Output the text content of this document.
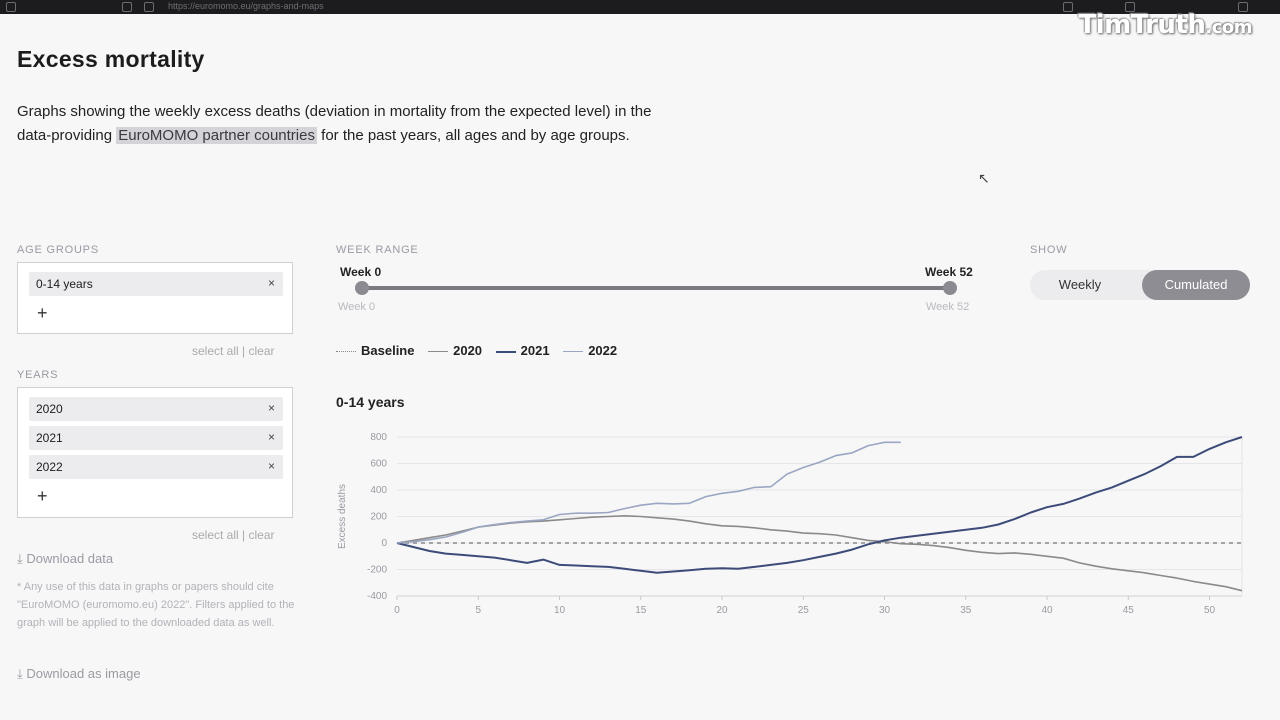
https://euromomo.eu/graphs-and-maps
TimTruth.com
Excess mortality

Graphs showing the weekly excess deaths (deviation in mortality from the expected level) in the data-providing EuroMOMO partner countries for the past years, all ages and by age groups.

↖
AGE GROUPS
0-14 years	×
+
select all | clear
YEARS
2020	×
2021	×
2022	×
+
select all | clear
⤓ Download data

* Any use of this data in graphs or papers should cite "EuroMOMO (euromomo.eu) 2022". Filters applied to the graph will be applied to the downloaded data as well.

⤓ Download as image
WEEK RANGE
Week 0	Week 52
Week 0	Week 52
SHOW
Weekly	Cumulated
Baseline	2020	2021	2022
0-14 years
-400
-200
0
200
400
600
800
0	5	10	15	20	25	30	35	40	45	50
Excess deaths
